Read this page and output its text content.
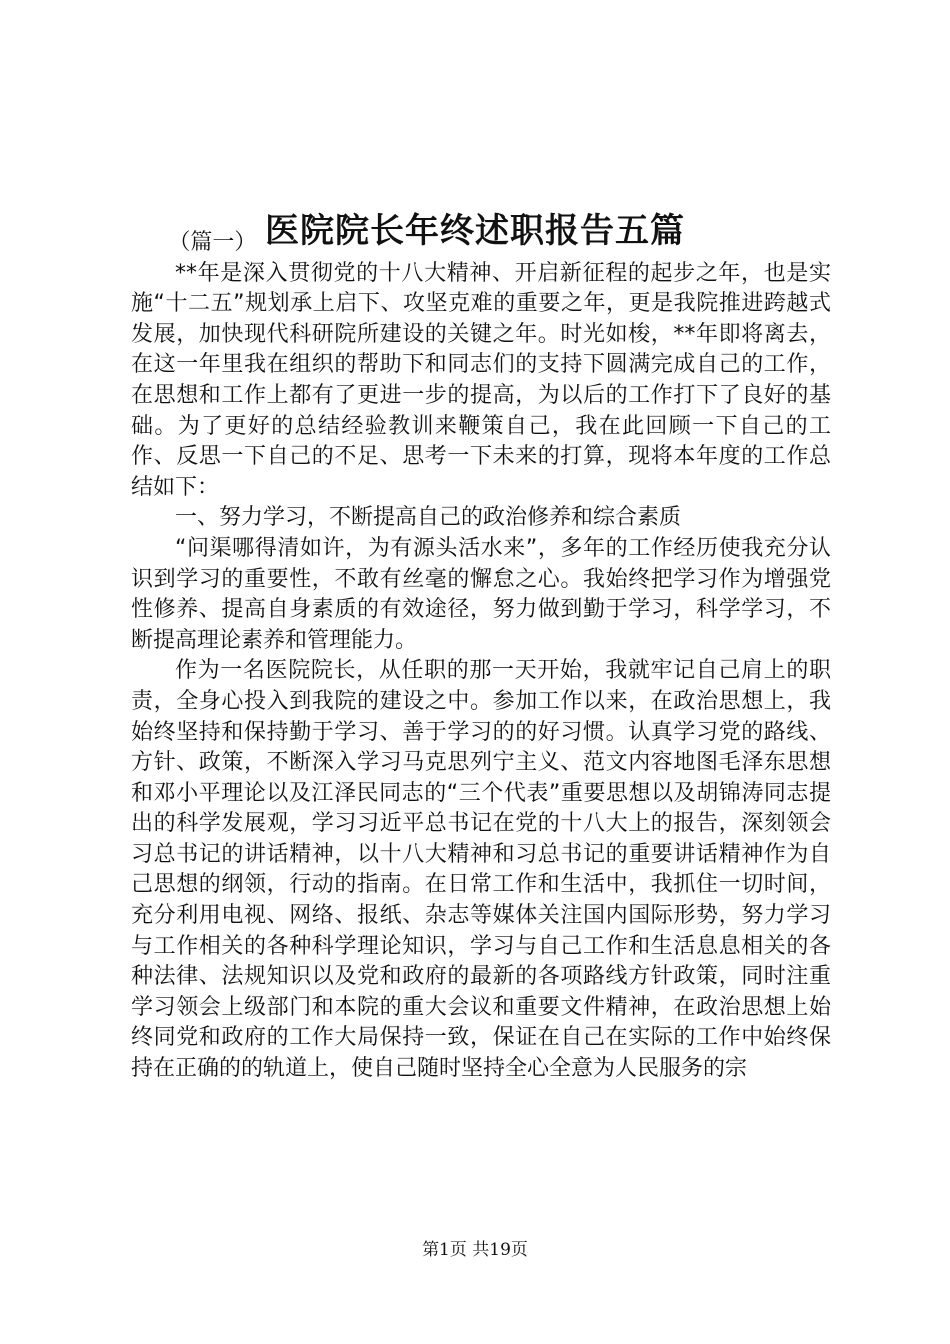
医院院长年终述职报告五篇

（篇一）

**年是深入贯彻党的十八大精神、开启新征程的起步之年，也是实施“十二五”规划承上启下、攻坚克难的重要之年，更是我院推进跨越式发展，加快现代科研院所建设的关键之年。时光如梭，**年即将离去，在这一年里我在组织的帮助下和同志们的支持下圆满完成自己的工作，在思想和工作上都有了更进一步的提高，为以后的工作打下了良好的基础。为了更好的总结经验教训来鞭策自己，我在此回顾一下自己的工作、反思一下自己的不足、思考一下未来的打算，现将本年度的工作总结如下：

一、努力学习，不断提高自己的政治修养和综合素质

“问渠哪得清如许，为有源头活水来”，多年的工作经历使我充分认识到学习的重要性，不敢有丝毫的懈怠之心。我始终把学习作为增强党性修养、提高自身素质的有效途径，努力做到勤于学习，科学学习，不断提高理论素养和管理能力。

作为一名医院院长，从任职的那一天开始，我就牢记自己肩上的职责，全身心投入到我院的建设之中。参加工作以来，在政治思想上，我始终坚持和保持勤于学习、善于学习的的好习惯。认真学习党的路线、方针、政策，不断深入学习马克思列宁主义、范文内容地图毛泽东思想和邓小平理论以及江泽民同志的“三个代表”重要思想以及胡锦涛同志提出的科学发展观，学习习近平总书记在党的十八大上的报告，深刻领会习总书记的讲话精神，以十八大精神和习总书记的重要讲话精神作为自己思想的纲领，行动的指南。在日常工作和生活中，我抓住一切时间，充分利用电视、网络、报纸、杂志等媒体关注国内国际形势，努力学习与工作相关的各种科学理论知识，学习与自己工作和生活息息相关的各种法律、法规知识以及党和政府的最新的各项路线方针政策，同时注重学习领会上级部门和本院的重大会议和重要文件精神，在政治思想上始终同党和政府的工作大局保持一致，保证在自己在实际的工作中始终保持在正确的的轨道上，使自己随时坚持全心全意为人民服务的宗

第1页 共19页
